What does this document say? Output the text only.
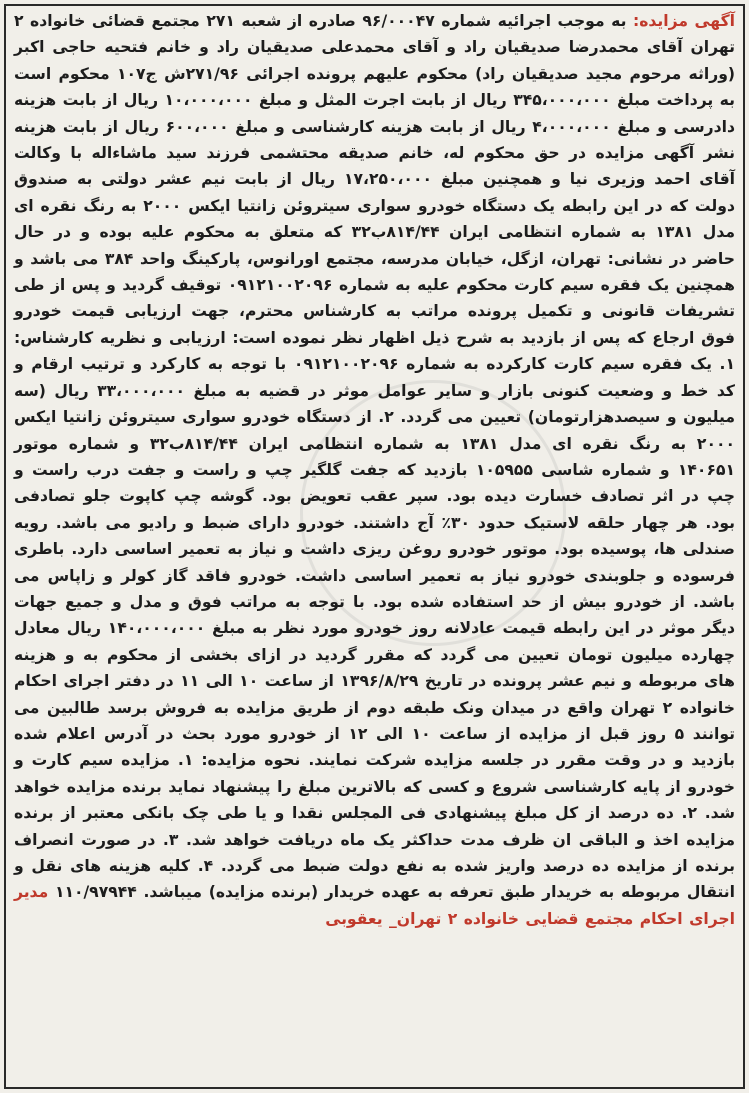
آگهی مزایده: به موجب اجرائیه شماره ۹۶/۰۰۰۴۷ صادره از شعبه ۲۷۱ مجتمع قضائی خانواده ۲ تهران آقای محمدرضا صدیقیان راد و آقای محمدعلی صدیقیان راد و خانم فتحیه حاجی اکبر (وراثه مرحوم مجید صدیقیان راد) محکوم علیهم پرونده اجرائی ۲۷۱/۹۶ش ج۱۰۷ محکوم است به پرداخت مبلغ ۳۴۵،۰۰۰،۰۰۰ ریال از بابت اجرت المثل و مبلغ ۱۰،۰۰۰،۰۰۰ ریال از بابت هزینه دادرسی و مبلغ ۴،۰۰۰،۰۰۰ ریال از بابت هزینه کارشناسی و مبلغ ۶۰۰،۰۰۰ ریال از بابت هزینه نشر آگهی مزایده در حق محکوم له، خانم صدیقه محتشمی فرزند سید ماشاءاله با وکالت آقای احمد وزیری نیا و همچنین مبلغ ۱۷،۲۵۰،۰۰۰ ریال از بابت نیم عشر دولتی به صندوق دولت که در این رابطه یک دستگاه خودرو سواری سیتروئن زانتیا ایکس ۲۰۰۰ به رنگ نقره ای مدل ۱۳۸۱ به شماره انتظامی ایران ۸۱۴/۴۴ب۳۲ که متعلق به محکوم علیه بوده و در حال حاضر در نشانی: تهران، ازگل، خیابان مدرسه، مجتمع اورانوس، پارکینگ واحد ۳۸۴ می باشد و همچنین یک فقره سیم کارت محکوم علیه به شماره ۰۹۱۲۱۰۰۲۰۹۶ توقیف گردید و پس از طی تشریفات قانونی و تکمیل پرونده مراتب به کارشناس محترم، جهت ارزیابی قیمت خودرو فوق ارجاع که پس از بازدید به شرح ذیل اظهار نظر نموده است: ارزیابی و نظریه کارشناس: ۱. یک فقره سیم کارت کارکرده به شماره ۰۹۱۲۱۰۰۲۰۹۶ با توجه به کارکرد و ترتیب ارقام و کد خط و وضعیت کنونی بازار و سایر عوامل موثر در قضیه به مبلغ ۳۳،۰۰۰،۰۰۰ ریال (سه میلیون و سیصدهزارتومان) تعیین می گردد. ۲. از دستگاه خودرو سواری سیتروئن زانتیا ایکس ۲۰۰۰ به رنگ نقره ای مدل ۱۳۸۱ به شماره انتظامی ایران ۸۱۴/۴۴ب۳۲ و شماره موتور ۱۴۰۶۵۱ و شماره شاسی ۱۰۵۹۵۵ بازدید که جفت گلگیر چپ و راست و جفت درب راست و چپ در اثر تصادف خسارت دیده بود. سپر عقب تعویض بود. گوشه چپ کاپوت جلو تصادفی بود. هر چهار حلقه لاستیک حدود ۳۰٪ آج داشتند. خودرو دارای ضبط و رادیو می باشد. رویه صندلی ها، پوسیده بود. موتور خودرو روغن ریزی داشت و نیاز به تعمیر اساسی دارد. باطری فرسوده و جلوبندی خودرو نیاز به تعمیر اساسی داشت. خودرو فاقد گاز کولر و زاپاس می باشد. از خودرو بیش از حد استفاده شده بود. با توجه به مراتب فوق و مدل و جمیع جهات دیگر موثر در این رابطه قیمت عادلانه روز خودرو مورد نظر به مبلغ ۱۴۰،۰۰۰،۰۰۰ ریال معادل چهارده میلیون تومان تعیین می گردد که مقرر گردید در ازای بخشی از محکوم به و هزینه های مربوطه و نیم عشر پرونده در تاریخ ۱۳۹۶/۸/۲۹ از ساعت ۱۰ الی ۱۱ در دفتر اجرای احکام خانواده ۲ تهران واقع در میدان ونک طبقه دوم از طریق مزایده به فروش برسد طالبین می توانند ۵ روز قبل از مزایده از ساعت ۱۰ الی ۱۲ از خودرو مورد بحث در آدرس اعلام شده بازدید و در وقت مقرر در جلسه مزایده شرکت نمایند. نحوه مزایده: ۱. مزایده سیم کارت و خودرو از پایه کارشناسی شروع و کسی که بالاترین مبلغ را پیشنهاد نماید برنده مزایده خواهد شد. ۲. ده درصد از کل مبلغ پیشنهادی فی المجلس نقدا و یا طی چک بانکی معتبر از برنده مزایده اخذ و الباقی ان ظرف مدت حداکثر یک ماه دریافت خواهد شد. ۳. در صورت انصراف برنده از مزایده ده درصد واریز شده به نفع دولت ضبط می گردد. ۴. کلیه هزینه های نقل و انتقال مربوطه به خریدار طبق تعرفه به عهده خریدار (برنده مزایده) میباشد. ۱۱۰/۹۷۹۴۴ مدیر اجرای احکام مجتمع قضایی خانواده ۲ تهران_ یعقوبی
